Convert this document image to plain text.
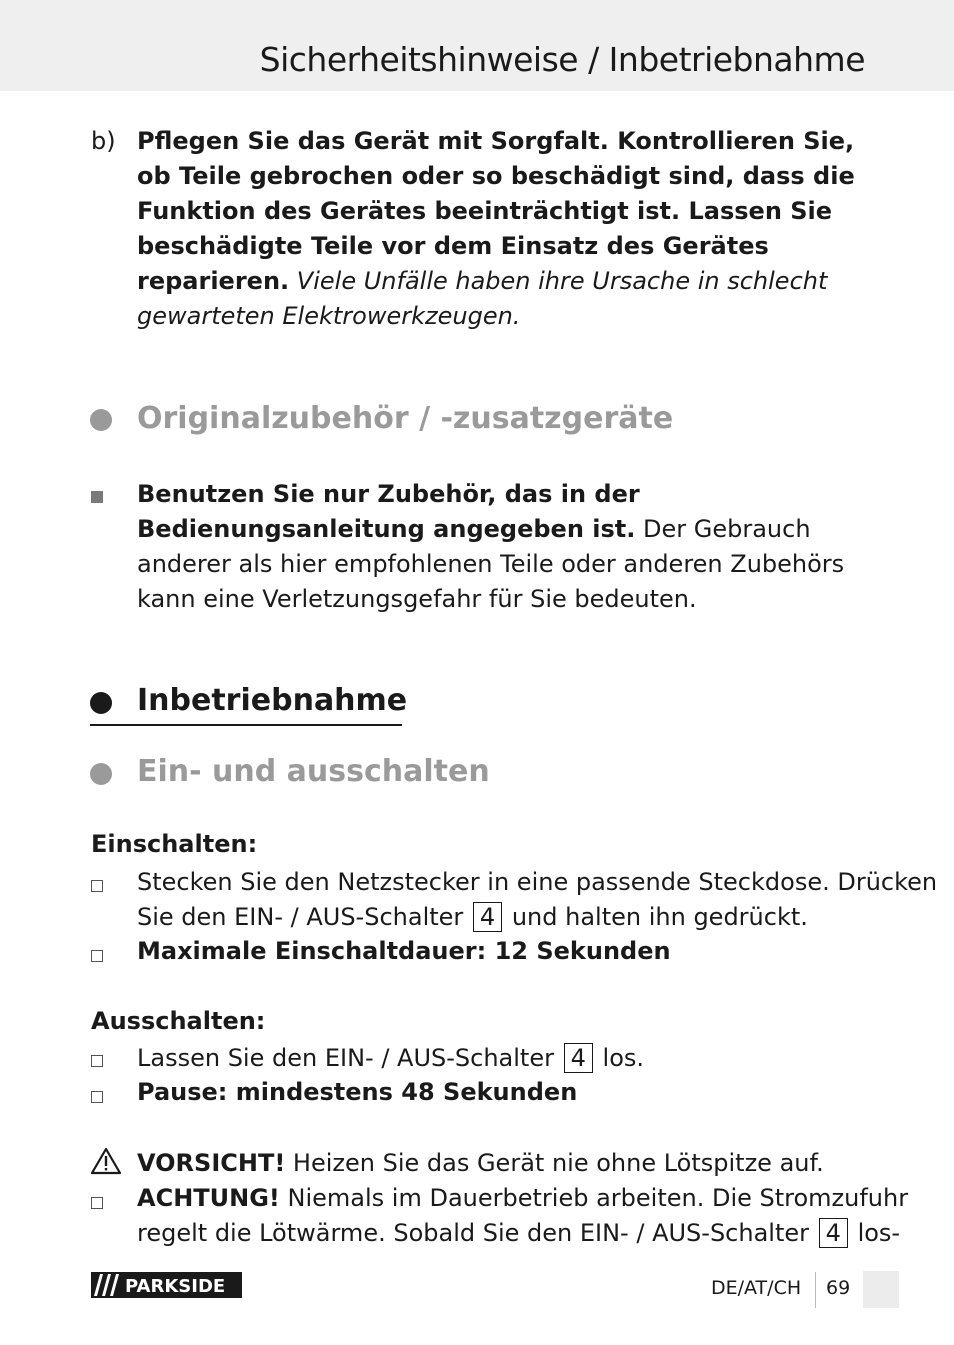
Sicherheitshinweise / Inbetriebnahme
b) Pflegen Sie das Gerät mit Sorgfalt. Kontrollieren Sie, ob Teile gebrochen oder so beschädigt sind, dass die Funktion des Gerätes beeinträchtigt ist. Lassen Sie beschädigte Teile vor dem Einsatz des Gerätes reparieren. Viele Unfälle haben ihre Ursache in schlecht gewarteten Elektrowerkzeugen.
Originalzubehör / -zusatzgeräte
Benutzen Sie nur Zubehör, das in der Bedienungsanleitung angegeben ist. Der Gebrauch anderer als hier empfohlenen Teile oder anderen Zubehörs kann eine Verletzungsgefahr für Sie bedeuten.
Inbetriebnahme
Ein- und ausschalten
Einschalten:
Stecken Sie den Netzstecker in eine passende Steckdose. Drücken
Sie den EIN- / AUS-Schalter 4 und halten ihn gedrückt.
Maximale Einschaltdauer: 12 Sekunden
Ausschalten:
Lassen Sie den EIN- / AUS-Schalter 4 los.
Pause: mindestens 48 Sekunden
VORSICHT! Heizen Sie das Gerät nie ohne Lötspitze auf.
ACHTUNG! Niemals im Dauerbetrieb arbeiten. Die Stromzufuhr
regelt die Lötwärme. Sobald Sie den EIN- / AUS-Schalter 4 los-
PARKSIDE	DE/AT/CH 69
